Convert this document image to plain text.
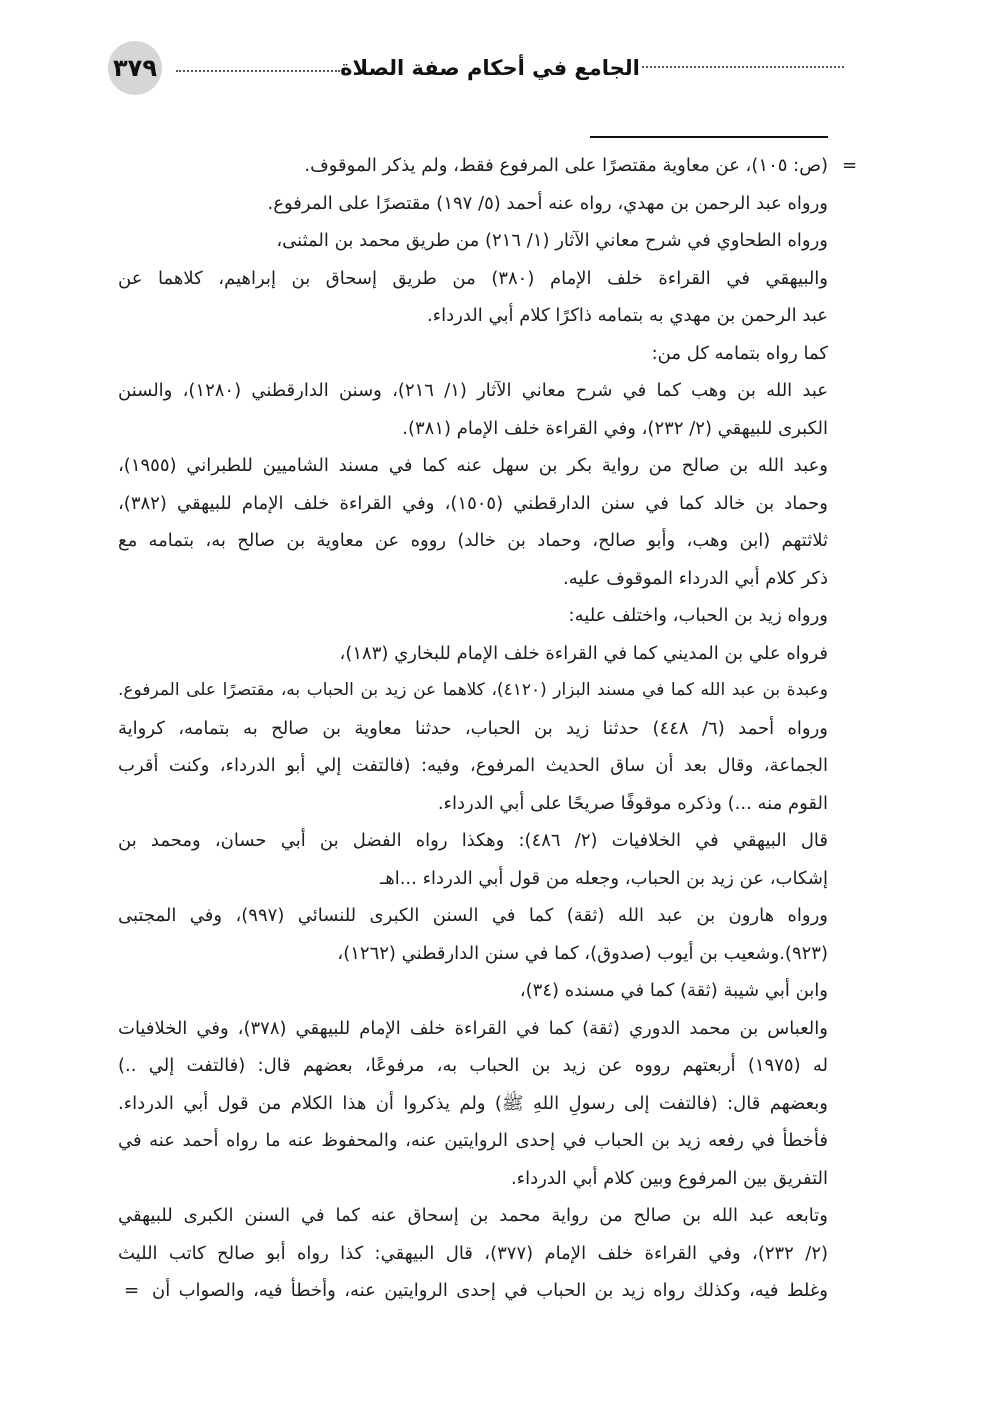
٣٧٩	الجامع في أحكام صفة الصلاة
=
(ص: ١٠٥)، عن معاوية مقتصرًا على المرفوع فقط، ولم يذكر الموقوف.
ورواه عبد الرحمن بن مهدي، رواه عنه أحمد (٥/ ١٩٧) مقتصرًا على المرفوع.
ورواه الطحاوي في شرح معاني الآثار (١/ ٢١٦) من طريق محمد بن المثنى،
والبيهقي في القراءة خلف الإمام (٣٨٠) من طريق إسحاق بن إبراهيم، كلاهما عن
عبد الرحمن بن مهدي به بتمامه ذاكرًا كلام أبي الدرداء.
كما رواه بتمامه كل من:
عبد الله بن وهب كما في شرح معاني الآثار (١/ ٢١٦)، وسنن الدارقطني (١٢٨٠)، والسنن
الكبرى للبيهقي (٢/ ٢٣٢)، وفي القراءة خلف الإمام (٣٨١).
وعبد الله بن صالح من رواية بكر بن سهل عنه كما في مسند الشاميين للطبراني (١٩٥٥)،
وحماد بن خالد كما في سنن الدارقطني (١٥٠٥)، وفي القراءة خلف الإمام للبيهقي (٣٨٢)،
ثلاثتهم (ابن وهب، وأبو صالح، وحماد بن خالد) رووه عن معاوية بن صالح به، بتمامه مع
ذكر كلام أبي الدرداء الموقوف عليه.
ورواه زيد بن الحباب، واختلف عليه:
فرواه علي بن المديني كما في القراءة خلف الإمام للبخاري (١٨٣)،
وعبدة بن عبد الله كما في مسند البزار (٤١٢٠)، كلاهما عن زيد بن الحباب به، مقتصرًا على المرفوع.
ورواه أحمد (٦/ ٤٤٨) حدثنا زيد بن الحباب، حدثنا معاوية بن صالح به بتمامه، كرواية
الجماعة، وقال بعد أن ساق الحديث المرفوع، وفيه: (فالتفت إلي أبو الدرداء، وكنت أقرب
القوم منه ...) وذكره موقوفًا صريحًا على أبي الدرداء.
قال البيهقي في الخلافيات (٢/ ٤٨٦): وهكذا رواه الفضل بن أبي حسان، ومحمد بن
إشكاب، عن زيد بن الحباب، وجعله من قول أبي الدرداء ...اهـ
ورواه هارون بن عبد الله (ثقة) كما في السنن الكبرى للنسائي (٩٩٧)، وفي المجتبى
(٩٢٣).وشعيب بن أيوب (صدوق)، كما في سنن الدارقطني (١٢٦٢)،
وابن أبي شيبة (ثقة) كما في مسنده (٣٤)،
والعباس بن محمد الدوري (ثقة) كما في القراءة خلف الإمام للبيهقي (٣٧٨)، وفي الخلافيات
له (١٩٧٥) أربعتهم رووه عن زيد بن الحباب به، مرفوعًا، بعضهم قال: (فالتفت إلي ..)
وبعضهم قال: (فالتفت إلى رسولِ اللهِ ﷺ) ولم يذكروا أن هذا الكلام من قول أبي الدرداء.
فأخطأ في رفعه زيد بن الحباب في إحدى الروايتين عنه، والمحفوظ عنه ما رواه أحمد عنه في
التفريق بين المرفوع وبين كلام أبي الدرداء.
وتابعه عبد الله بن صالح من رواية محمد بن إسحاق عنه كما في السنن الكبرى للبيهقي
(٢/ ٢٣٢)، وفي القراءة خلف الإمام (٣٧٧)، قال البيهقي: كذا رواه أبو صالح كاتب الليث
وغلط فيه، وكذلك رواه زيد بن الحباب في إحدى الروايتين عنه، وأخطأ فيه، والصواب أن
=
